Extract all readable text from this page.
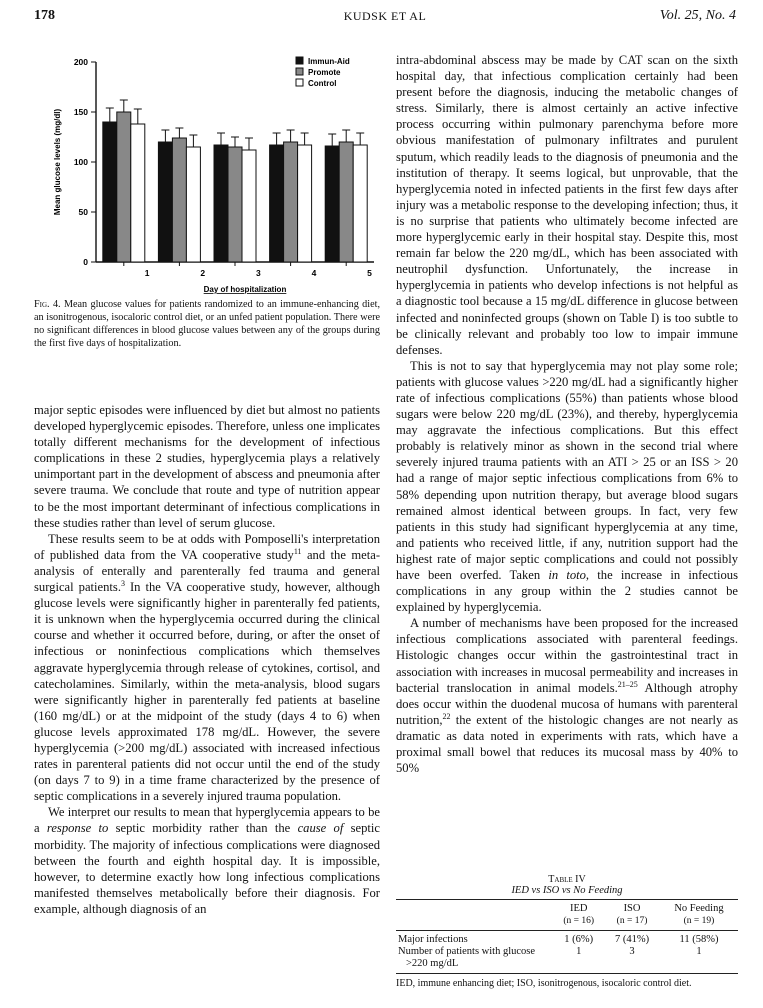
178	KUDSK ET AL	Vol. 25, No. 4
0
50
100
150
200
Mean glucose levels (mg/dl)
1	2	3	4	5
Day of hospitalization
Immun-Aid
Promote
Control
Fig. 4. Mean glucose values for patients randomized to an immune-enhancing diet, an isonitrogenous, isocaloric control diet, or an unfed patient population. There were no significant differences in blood glucose values between any of the groups during the first five days of hospitalization.

major septic episodes were influenced by diet but almost no patients developed hyperglycemic episodes. Therefore, unless one implicates totally different mechanisms for the development of infectious complications in these 2 studies, hyperglycemia plays a relatively unimportant part in the development of abscess and pneumonia after severe trauma. We conclude that route and type of nutrition appear to be the most important determinant of infectious complications in these studies rather than level of serum glucose.

These results seem to be at odds with Pomposelli's interpretation of published data from the VA cooperative study$^{11}$ and the meta-analysis of enterally and parenterally fed trauma and general surgical patients.$^3$ In the VA cooperative study, however, although glucose levels were significantly higher in parenterally fed patients, it is unknown when the hyperglycemia occurred during the clinical course and whether it occurred before, during, or after the onset of infectious or noninfectious complications which themselves aggravate hyperglycemia through release of cytokines, cortisol, and catecholamines. Similarly, within the meta-analysis, blood sugars were significantly higher in parenterally fed patients at baseline (160 mg/dL) or at the midpoint of the study (days 4 to 6) when glucose levels approximated 178 mg/dL. However, the severe hyperglycemia (>200 mg/dL) associated with increased infectious rates in parenteral patients did not occur until the end of the study (on days 7 to 9) in a time frame characterized by the presence of septic complications in a severely injured trauma population.

We interpret our results to mean that hyperglycemia appears to be a response to septic morbidity rather than the cause of septic morbidity. The majority of infectious complications were diagnosed between the fourth and eighth hospital day. It is impossible, however, to determine exactly how long infectious complications manifested themselves metabolically before their diagnosis. For example, although diagnosis of an

intra-abdominal abscess may be made by CAT scan on the sixth hospital day, that infectious complication certainly had been present before the diagnosis, inducing the metabolic changes of stress. Similarly, there is almost certainly an active infective process occurring within pulmonary parenchyma before more obvious manifestation of pulmonary infiltrates and purulent sputum, which readily leads to the diagnosis of pneumonia and the institution of therapy. It seems logical, but unprovable, that the hyperglycemia noted in infected patients in the first few days after injury was a metabolic response to the developing infection; thus, it is no surprise that patients who ultimately become infected are more hyperglycemic early in their hospital stay. Despite this, most remain far below the 220 mg/dL, which has been associated with neutrophil dysfunction. Unfortunately, the increase in hyperglycemia in patients who develop infections is not helpful as a diagnostic tool because a 15 mg/dL difference in glucose between infected and noninfected groups (shown on Table I) is too subtle to be clinically relevant and probably too low to impair immune defenses.

This is not to say that hyperglycemia may not play some role; patients with glucose values >220 mg/dL had a significantly higher rate of infectious complications (55%) than patients whose blood sugars were below 220 mg/dL (23%), and thereby, hyperglycemia may aggravate the infectious complications. But this effect probably is relatively minor as shown in the second trial where severely injured trauma patients with an ATI > 25 or an ISS > 20 had a range of major septic infectious complications from 6% to 58% depending upon nutrition therapy, but average blood sugars remained almost identical between groups. In fact, very few patients in this study had significant hyperglycemia at any time, and patients who received little, if any, nutrition support had the highest rate of major septic complications and could not possibly have been overfed. Taken in toto, the increase in infectious complications in any group within the 2 studies cannot be explained by hyperglycemia.

A number of mechanisms have been proposed for the increased infectious complications associated with parenteral feedings. Histologic changes occur within the gastrointestinal tract in association with increases in mucosal permeability and increases in bacterial translocation in animal models.$^{21-25}$ Although atrophy does occur within the duodenal mucosa of humans with parenteral nutrition,$^{22}$ the extent of the histologic changes are not nearly as dramatic as data noted in experiments with rats, which have a proximal small bowel that reduces its mucosal mass by 40% to 50%

Table IV
IED vs ISO vs No Feeding
	IED	ISO	No Feeding
	(n = 16)	(n = 17)	(n = 19)
Major infections	1 (6%)	7 (41%)	11 (58%)
Number of patients with glucose	1	3	1
>220 mg/dL			
IED, immune enhancing diet; ISO, isonitrogenous, isocaloric control diet.
